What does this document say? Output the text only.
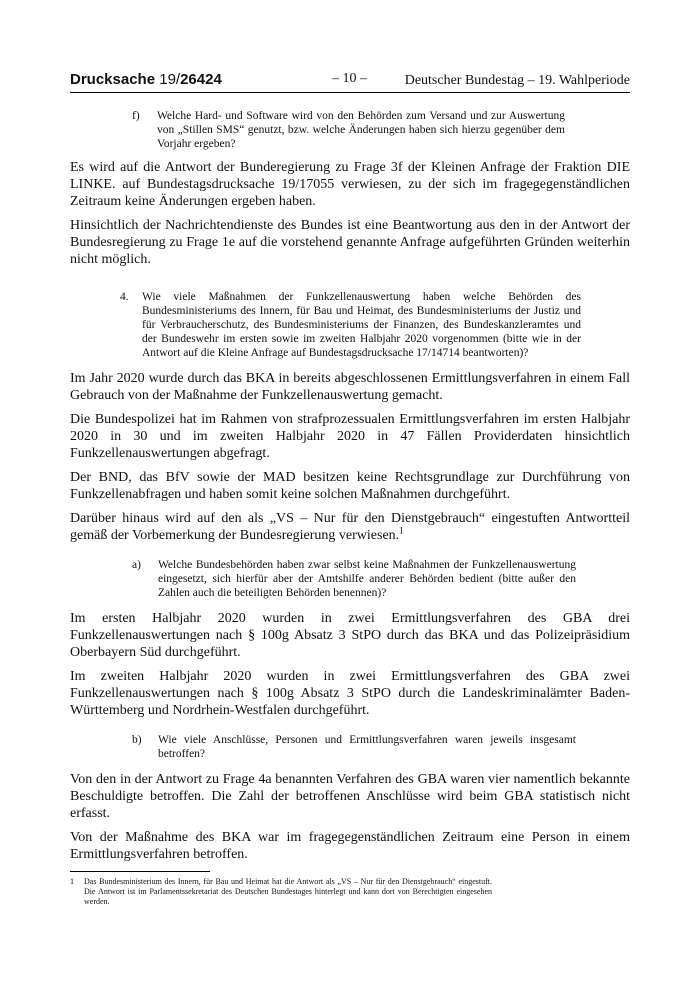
Drucksache 19/26424	– 10 –	Deutscher Bundestag – 19. Wahlperiode
f) Welche Hard- und Software wird von den Behörden zum Versand und zur Auswertung von „Stillen SMS“ genutzt, bzw. welche Änderungen haben sich hierzu gegenüber dem Vorjahr ergeben?

Es wird auf die Antwort der Bunderegierung zu Frage 3f der Kleinen Anfrage der Fraktion DIE LINKE. auf Bundestagsdrucksache 19/17055 verwiesen, zu der sich im fragegegenständlichen Zeitraum keine Änderungen ergeben haben.

Hinsichtlich der Nachrichtendienste des Bundes ist eine Beantwortung aus den in der Antwort der Bundesregierung zu Frage 1e auf die vorstehend genannte Anfrage aufgeführten Gründen weiterhin nicht möglich.

4. Wie viele Maßnahmen der Funkzellenauswertung haben welche Behörden des Bundesministeriums des Innern, für Bau und Heimat, des Bundesministeriums der Justiz und für Verbraucherschutz, des Bundesministeriums der Finanzen, des Bundeskanzleramtes und der Bundeswehr im ersten sowie im zweiten Halbjahr 2020 vorgenommen (bitte wie in der Antwort auf die Kleine Anfrage auf Bundestagsdrucksache 17/14714 beantworten)?

Im Jahr 2020 wurde durch das BKA in bereits abgeschlossenen Ermittlungsverfahren in einem Fall Gebrauch von der Maßnahme der Funkzellenauswertung gemacht.

Die Bundespolizei hat im Rahmen von strafprozessualen Ermittlungsverfahren im ersten Halbjahr 2020 in 30 und im zweiten Halbjahr 2020 in 47 Fällen Providerdaten hinsichtlich Funkzellenauswertungen abgefragt.

Der BND, das BfV sowie der MAD besitzen keine Rechtsgrundlage zur Durchführung von Funkzellenabfragen und haben somit keine solchen Maßnahmen durchgeführt.

Darüber hinaus wird auf den als „VS – Nur für den Dienstgebrauch“ eingestuften Antwortteil gemäß der Vorbemerkung der Bundesregierung verwiesen.$^1$

a) Welche Bundesbehörden haben zwar selbst keine Maßnahmen der Funkzellenauswertung eingesetzt, sich hierfür aber der Amtshilfe anderer Behörden bedient (bitte außer den Zahlen auch die beteiligten Behörden benennen)?

Im ersten Halbjahr 2020 wurden in zwei Ermittlungsverfahren des GBA drei Funkzellenauswertungen nach § 100g Absatz 3 StPO durch das BKA und das Polizeipräsidium Oberbayern Süd durchgeführt.

Im zweiten Halbjahr 2020 wurden in zwei Ermittlungsverfahren des GBA zwei Funkzellenauswertungen nach § 100g Absatz 3 StPO durch die Landeskriminalämter Baden-Württemberg und Nordrhein-Westfalen durchgeführt.

b) Wie viele Anschlüsse, Personen und Ermittlungsverfahren waren jeweils insgesamt betroffen?

Von den in der Antwort zu Frage 4a benannten Verfahren des GBA waren vier namentlich bekannte Beschuldigte betroffen. Die Zahl der betroffenen Anschlüsse wird beim GBA statistisch nicht erfasst.

Von der Maßnahme des BKA war im fragegegenständlichen Zeitraum eine Person in einem Ermittlungsverfahren betroffen.

1 Das Bundesministerium des Innern, für Bau und Heimat hat die Antwort als „VS – Nur für den Dienstgebrauch“ eingestuft. Die Antwort ist im Parlamentssekretariat des Deutschen Bundestages hinterlegt und kann dort von Berechtigten eingesehen werden.
